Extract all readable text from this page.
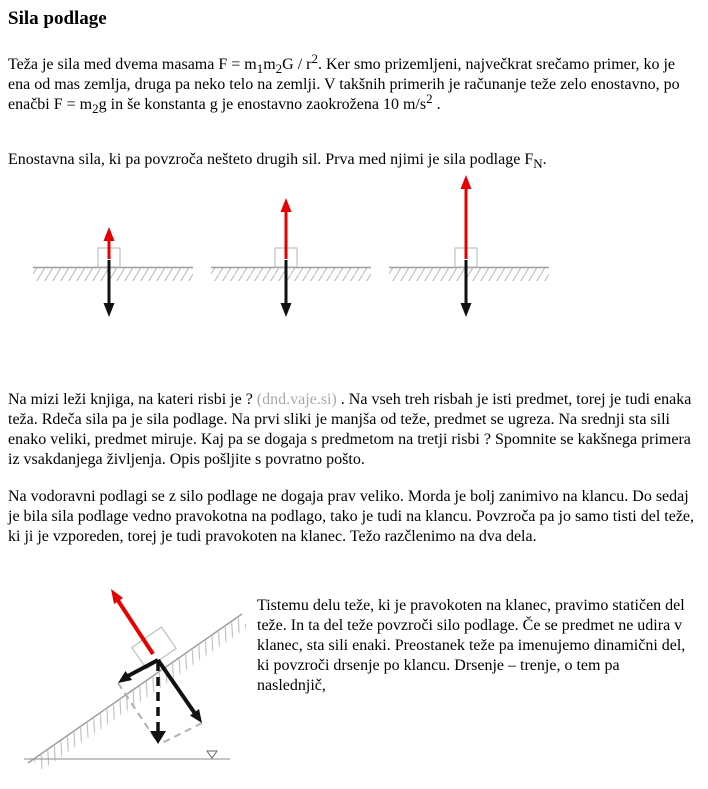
Sila podlage

Teža je sila med dvema masama $F = m_1m_2G / r^2$. Ker smo prizemljeni, največkrat srečamo primer, ko je ena od mas zemlja, druga pa neko telo na zemlji. V takšnih primerih je računanje teže zelo enostavno, po enačbi $F = m_2g$ in še konstanta g je enostavno zaokrožena 10 $m/s^2$ .

Enostavna sila, ki pa povzroča nešteto drugih sil. Prva med njimi je sila podlage $F_N$.

Na mizi leži knjiga, na kateri risbi je ? (dnd.vaje.si) . Na vseh treh risbah je isti predmet, torej je tudi enaka teža. Rdeča sila pa je sila podlage. Na prvi sliki je manjša od teže, predmet se ugreza. Na srednji sta sili enako veliki, predmet miruje. Kaj pa se dogaja s predmetom na tretji risbi ? Spomnite se kakšnega primera iz vsakdanjega življenja. Opis pošljite s povratno pošto.

Na vodoravni podlagi se z silo podlage ne dogaja prav veliko. Morda je bolj zanimivo na klancu. Do sedaj je bila sila podlage vedno pravokotna na podlago, tako je tudi na klancu. Povzroča pa jo samo tisti del teže, ki ji je vzporeden, torej je tudi pravokoten na klanec. Težo razčlenimo na dva dela.

Tistemu delu teže, ki je pravokoten na klanec, pravimo statičen del teže. In ta del teže povzroči silo podlage. Če se predmet ne udira v klanec, sta sili enaki. Preostanek teže pa imenujemo dinamični del, ki povzroči drsenje po klancu. Drsenje – trenje, o tem pa naslednjič,
